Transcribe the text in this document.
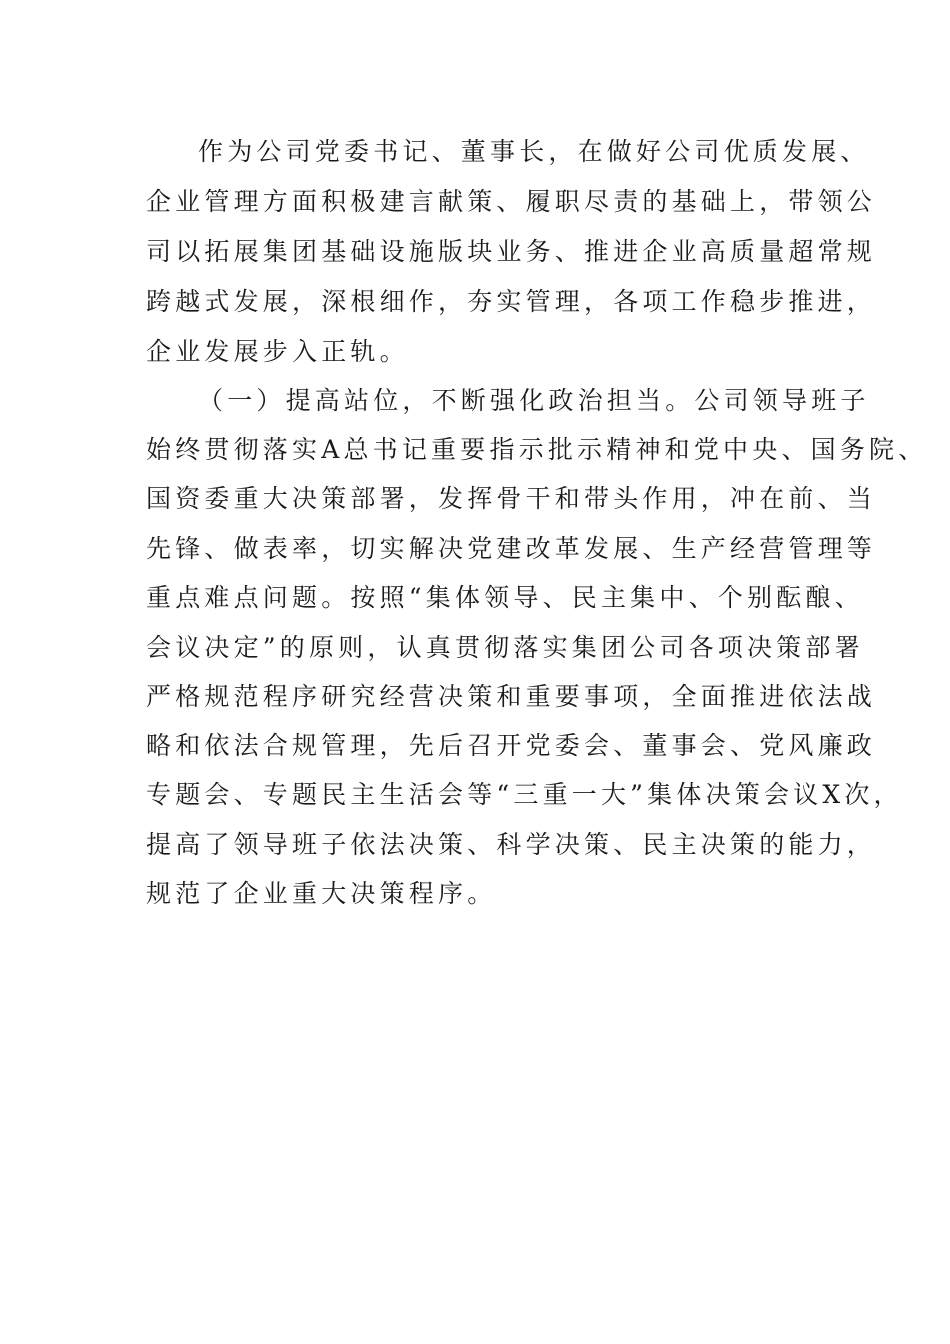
作为公司党委书记、董事长，在做好公司优质发展、

企业管理方面积极建言献策、履职尽责的基础上，带领公

司以拓展集团基础设施版块业务、推进企业高质量超常规

跨越式发展，深根细作，夯实管理，各项工作稳步推进，

企业发展步入正轨。

（一）提高站位，不断强化政治担当。公司领导班子

始终贯彻落实A总书记重要指示批示精神和党中央、国务院、

国资委重大决策部署，发挥骨干和带头作用，冲在前、当

先锋、做表率，切实解决党建改革发展、生产经营管理等

重点难点问题。按照“集体领导、民主集中、个别酝酿、

会议决定”的原则，认真贯彻落实集团公司各项决策部署

严格规范程序研究经营决策和重要事项，全面推进依法战

略和依法合规管理，先后召开党委会、董事会、党风廉政

专题会、专题民主生活会等“三重一大”集体决策会议X次，

提高了领导班子依法决策、科学决策、民主决策的能力，

规范了企业重大决策程序。
